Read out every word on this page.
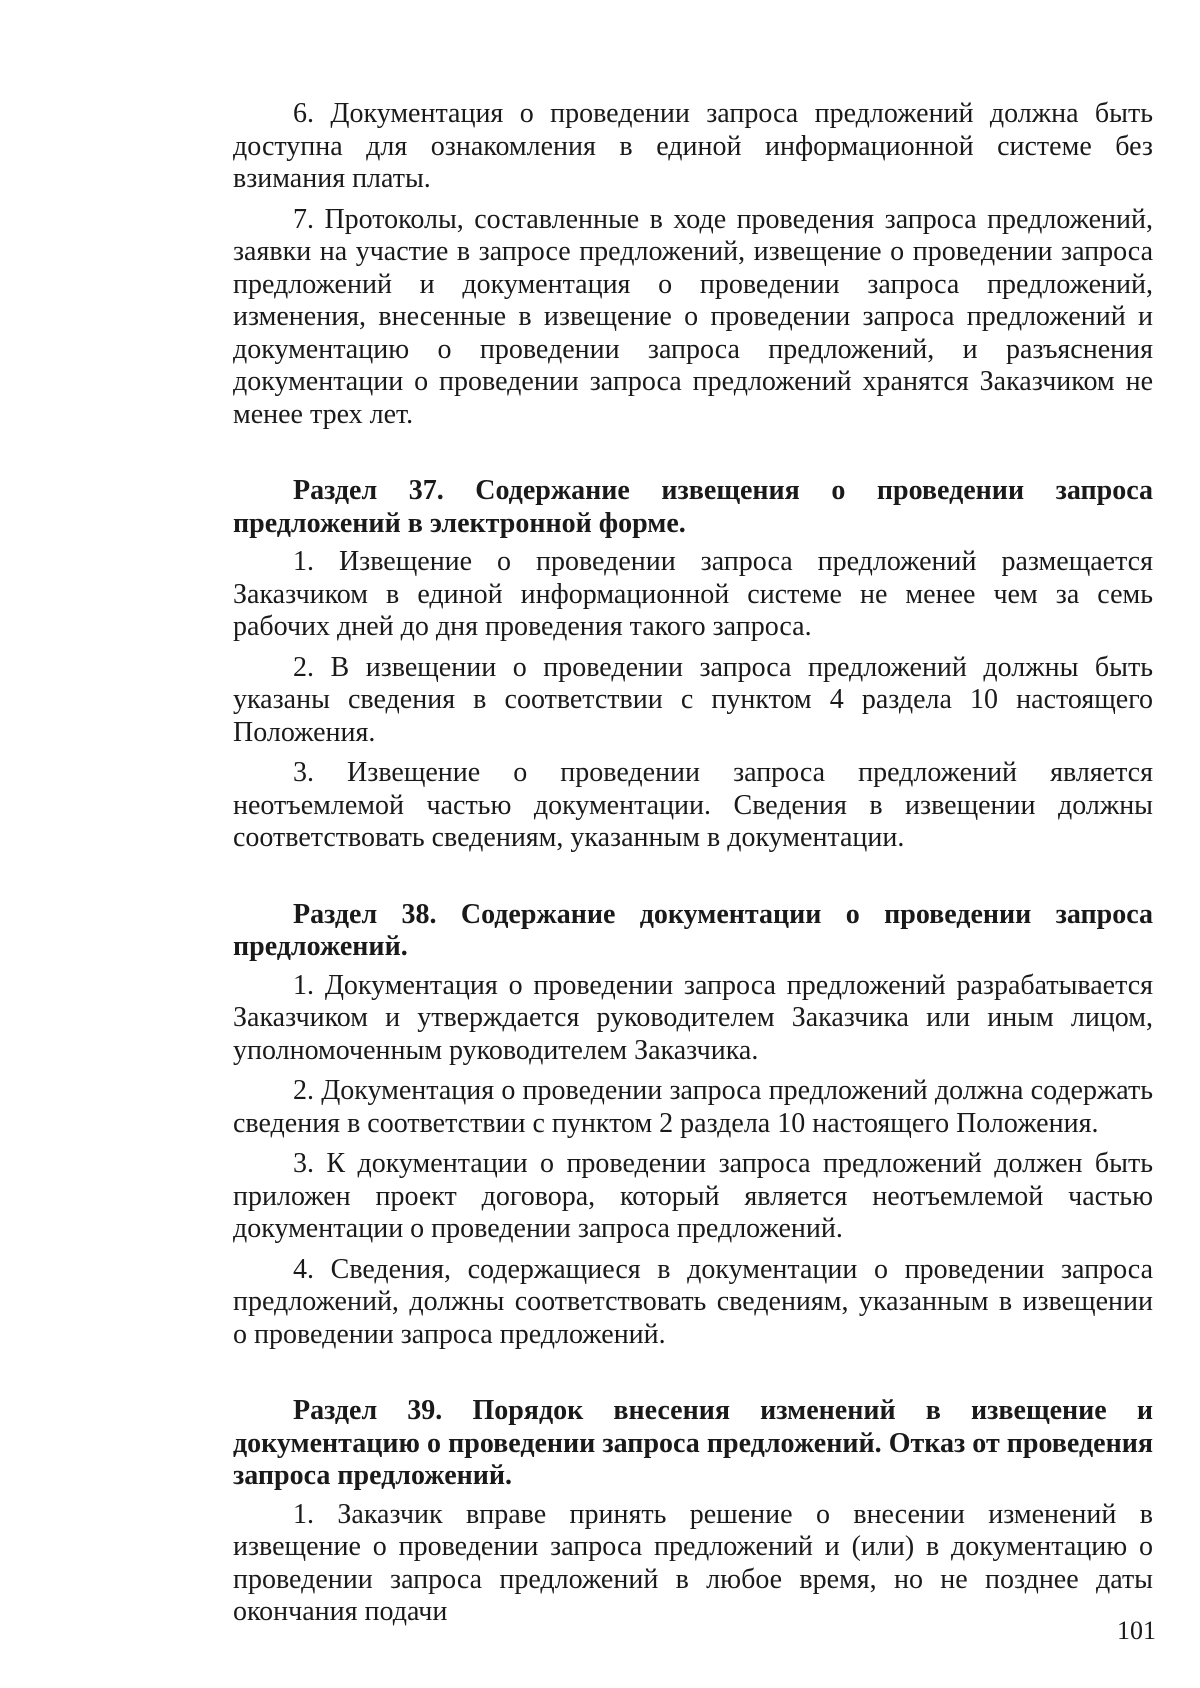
6. Документация о проведении запроса предложений должна быть доступна для ознакомления в единой информационной системе без взимания платы.

7. Протоколы, составленные в ходе проведения запроса предложений, заявки на участие в запросе предложений, извещение о проведении запроса предложений и документация о проведении запроса предложений, изменения, внесенные в извещение о проведении запроса предложений и документацию о проведении запроса предложений, и разъяснения документации о проведении запроса предложений хранятся Заказчиком не менее трех лет.

Раздел 37. Содержание извещения о проведении запроса предложений в электронной форме.

1. Извещение о проведении запроса предложений размещается Заказчиком в единой информационной системе не менее чем за семь рабочих дней до дня проведения такого запроса.

2. В извещении о проведении запроса предложений должны быть указаны сведения в соответствии с пунктом 4 раздела 10 настоящего Положения.

3. Извещение о проведении запроса предложений является неотъемлемой частью документации. Сведения в извещении должны соответствовать сведениям, указанным в документации.

Раздел 38. Содержание документации о проведении запроса предложений.

1. Документация о проведении запроса предложений разрабатывается Заказчиком и утверждается руководителем Заказчика или иным лицом, уполномоченным руководителем Заказчика.

2. Документация о проведении запроса предложений должна содержать сведения в соответствии с пунктом 2 раздела 10 настоящего Положения.

3. К документации о проведении запроса предложений должен быть приложен проект договора, который является неотъемлемой частью документации о проведении запроса предложений.

4. Сведения, содержащиеся в документации о проведении запроса предложений, должны соответствовать сведениям, указанным в извещении о проведении запроса предложений.

Раздел 39. Порядок внесения изменений в извещение и документацию о проведении запроса предложений. Отказ от проведения запроса предложений.

1. Заказчик вправе принять решение о внесении изменений в извещение о проведении запроса предложений и (или) в документацию о проведении запроса предложений в любое время, но не позднее даты окончания подачи

101
